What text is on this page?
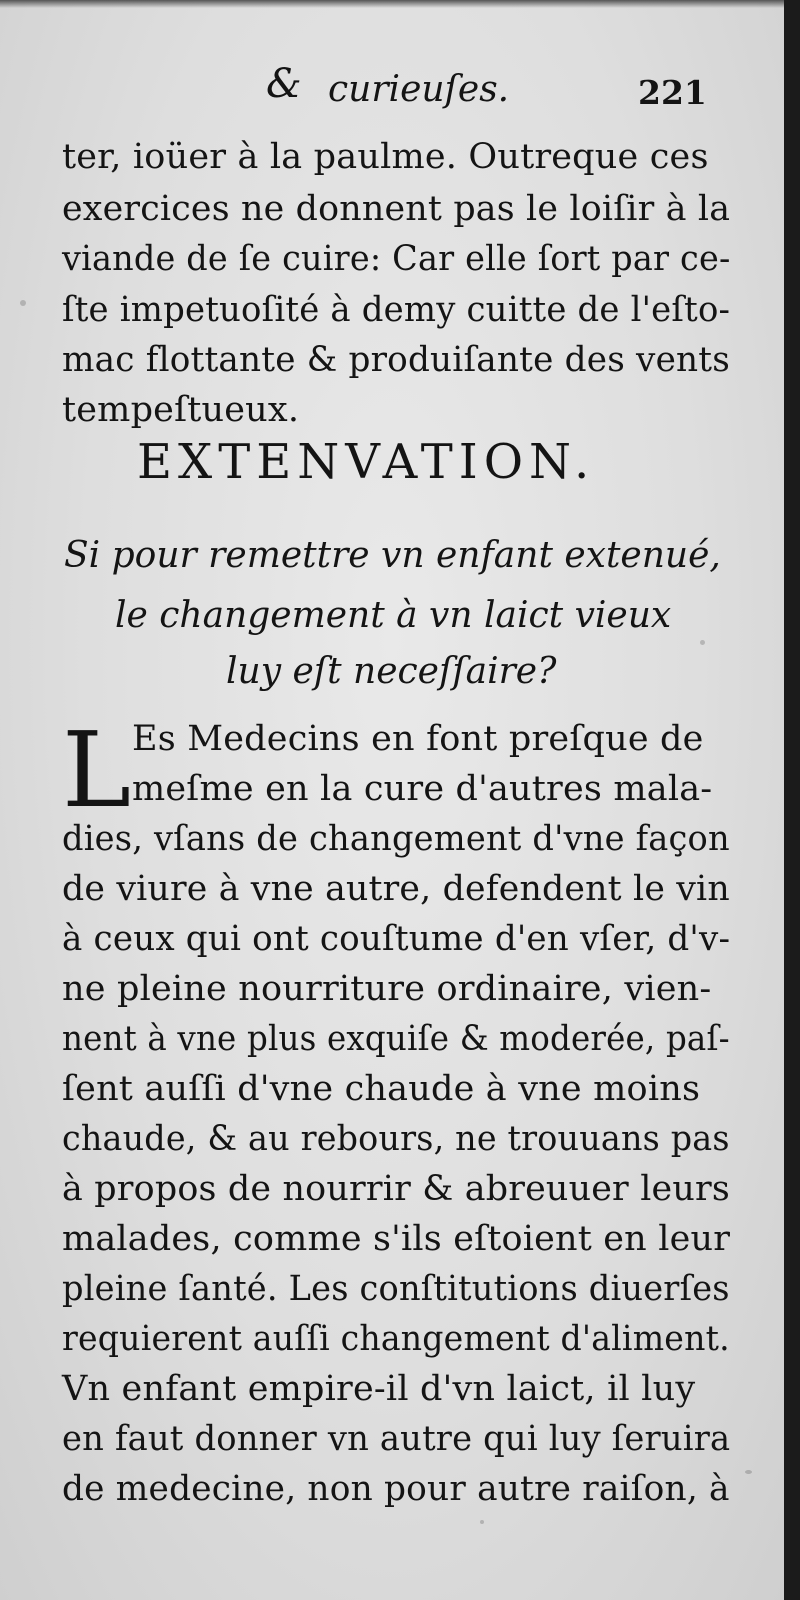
& curieuſes.	221
ter, ioüer à la paulme. Outreque ces
exercices ne donnent pas le loiſir à la
viande de ſe cuire: Car elle ſort par ce-
ſte impetuoſité à demy cuitte de l'eſto-
mac flottante & produiſante des vents
tempeſtueux.
EXTENVATION.
Si pour remettre vn enfant extenué,
le changement à vn laict vieux
luy eſt neceſſaire?
L Es Medecins en font preſque de
meſme en la cure d'autres mala-
dies, vſans de changement d'vne façon
de viure à vne autre, defendent le vin
à ceux qui ont couſtume d'en vſer, d'v-
ne pleine nourriture ordinaire, vien-
nent à vne plus exquiſe & moderée, paſ-
ſent auſſi d'vne chaude à vne moins
chaude, & au rebours, ne trouuans pas
à propos de nourrir & abreuuer leurs
malades, comme s'ils eſtoient en leur
pleine ſanté. Les conſtitutions diuerſes
requierent auſſi changement d'aliment.
Vn enfant empire-il d'vn laict, il luy
en faut donner vn autre qui luy ſeruira
de medecine, non pour autre raiſon, à
